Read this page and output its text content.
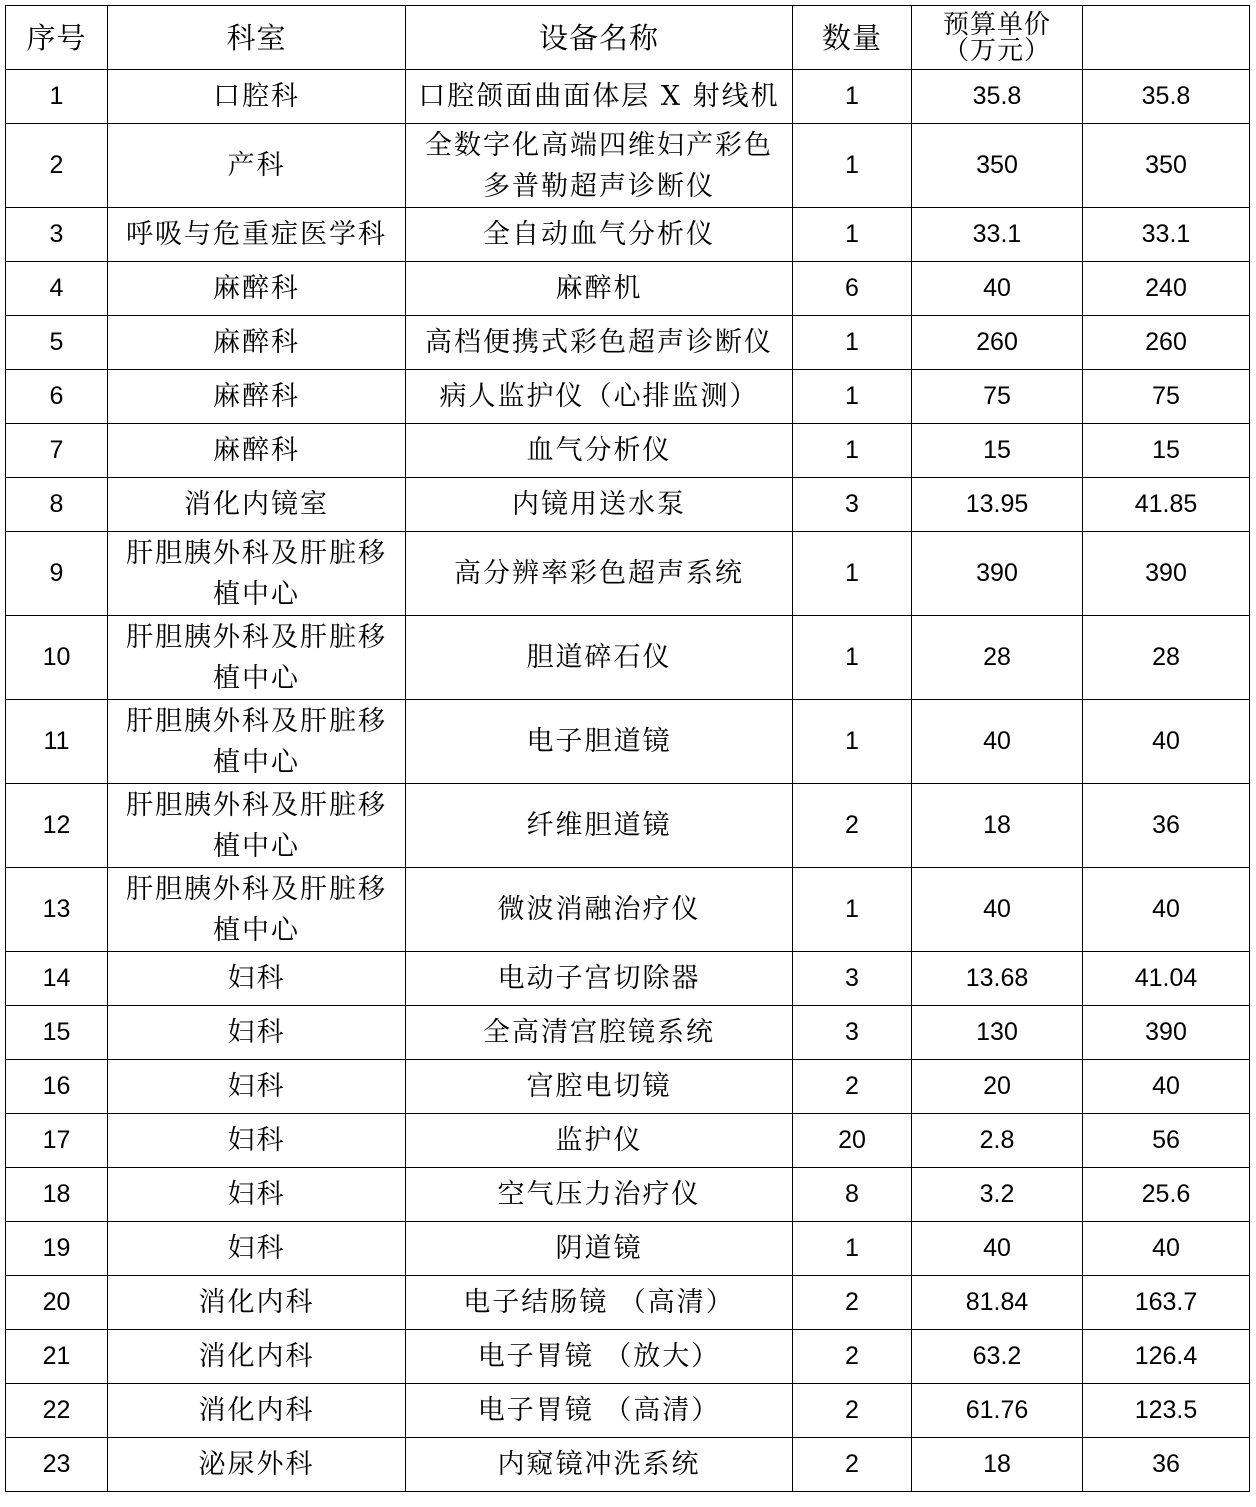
序号	科室	设备名称	数量	预算单价
（万元）	

1	口腔科	口腔颌面曲面体层 X 射线机	1	35.8	35.8
2	产科	全数字化高端四维妇产彩色多普勒超声诊断仪	1	350	350
3	呼吸与危重症医学科	全自动血气分析仪	1	33.1	33.1
4	麻醉科	麻醉机	6	40	240
5	麻醉科	高档便携式彩色超声诊断仪	1	260	260
6	麻醉科	病人监护仪（心排监测）	1	75	75
7	麻醉科	血气分析仪	1	15	15
8	消化内镜室	内镜用送水泵	3	13.95	41.85
9	肝胆胰外科及肝脏移植中心	高分辨率彩色超声系统	1	390	390
10	肝胆胰外科及肝脏移植中心	胆道碎石仪	1	28	28
11	肝胆胰外科及肝脏移植中心	电子胆道镜	1	40	40
12	肝胆胰外科及肝脏移植中心	纤维胆道镜	2	18	36
13	肝胆胰外科及肝脏移植中心	微波消融治疗仪	1	40	40
14	妇科	电动子宫切除器	3	13.68	41.04
15	妇科	全高清宫腔镜系统	3	130	390
16	妇科	宫腔电切镜	2	20	40
17	妇科	监护仪	20	2.8	56
18	妇科	空气压力治疗仪	8	3.2	25.6
19	妇科	阴道镜	1	40	40
20	消化内科	电子结肠镜 （高清）	2	81.84	163.7
21	消化内科	电子胃镜 （放大）	2	63.2	126.4
22	消化内科	电子胃镜 （高清）	2	61.76	123.5
23	泌尿外科	内窥镜冲洗系统	2	18	36
